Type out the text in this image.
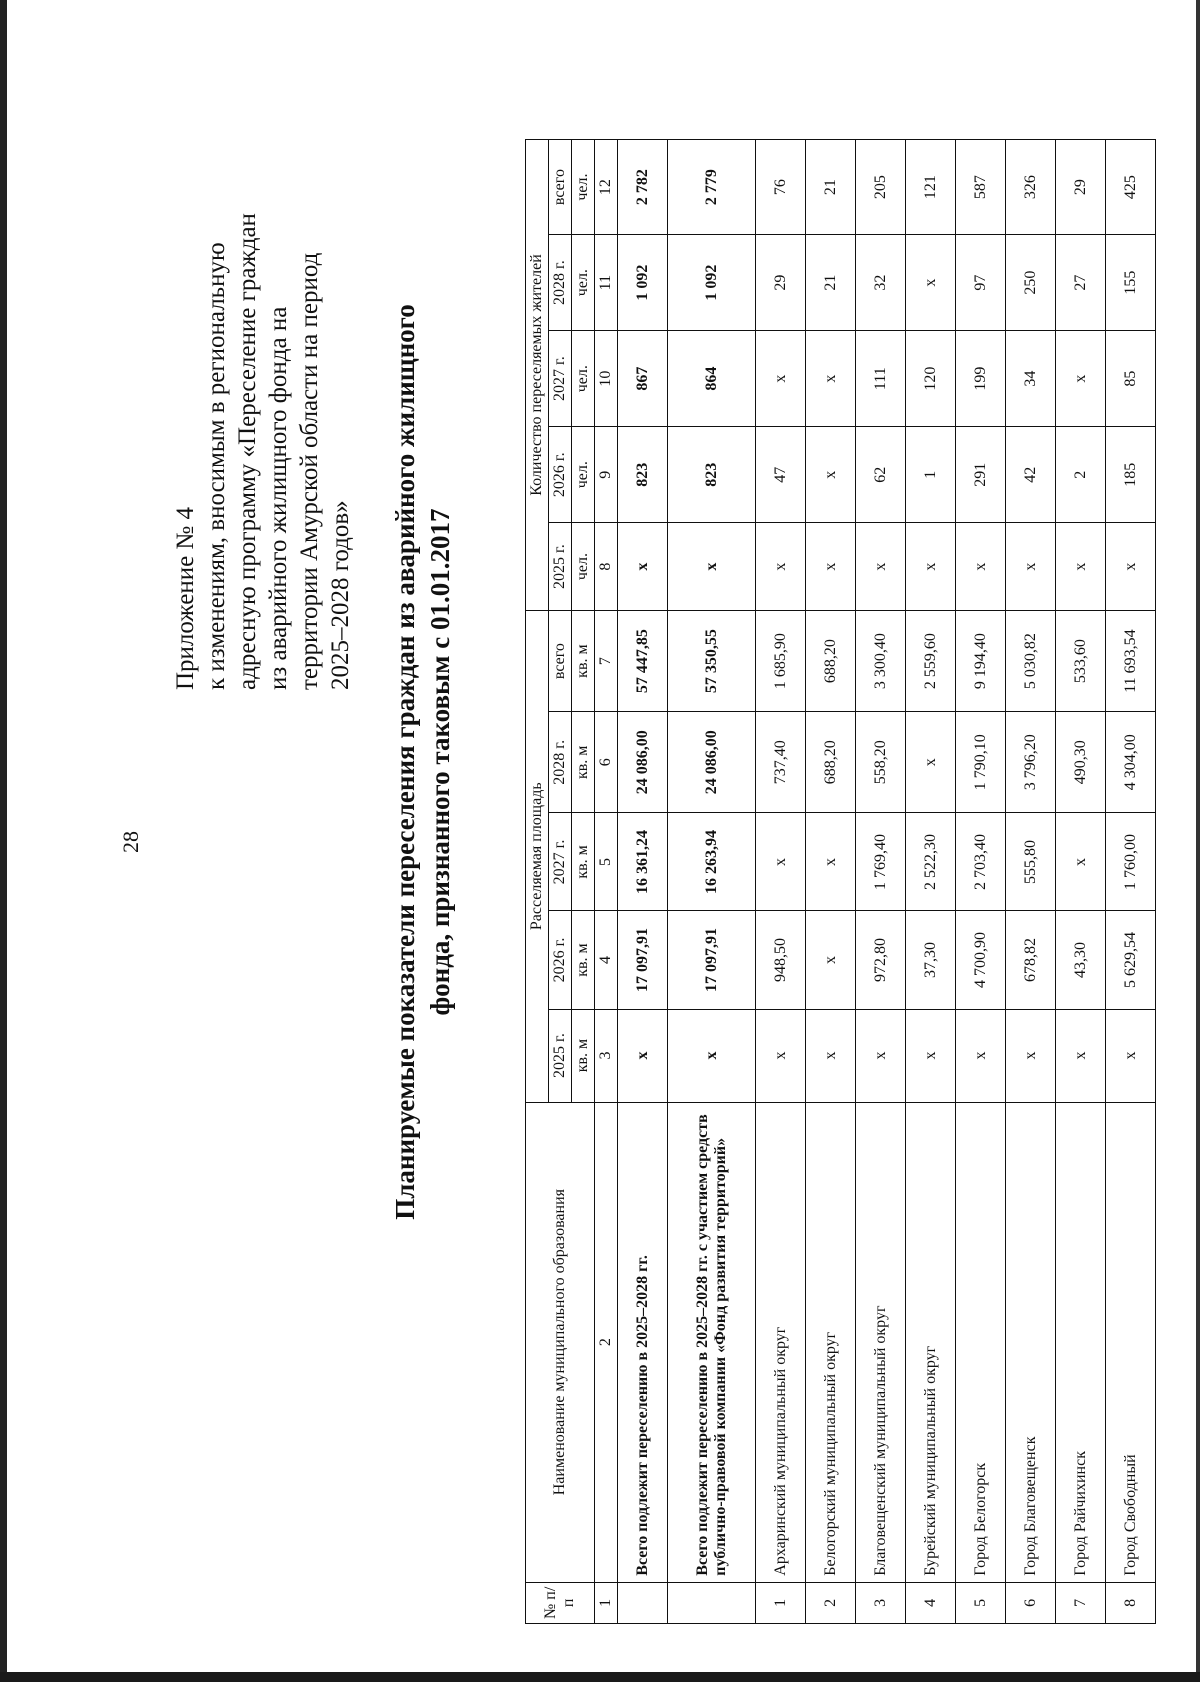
28
Приложение № 4 к изменениям, вносимым в региональную адресную программу «Переселение граждан из аварийного жилищного фонда на территории Амурской области на период 2025–2028 годов» Планируемые показатели переселения граждан из аварийного жилищного фонда, признанного таковым с 01.01.2017
№ п/п	Наименование муниципального образования	Расселяемая площадь					Количество переселяемых жителей				
		2025 г.	2026 г.	2027 г.	2028 г.	всего	2025 г.	2026 г.	2027 г.	2028 г.	всего
		кв. м	кв. м	кв. м	кв. м	кв. м	чел.	чел.	чел.	чел.	чел.
1	2	3	4	5	6	7	8	9	10	11	12
	Всего подлежит переселению в 2025–2028 гг.	x	17 097,91	16 361,24	24 086,00	57 447,85	x	823	867	1 092	2 782
	Всего подлежит переселению в 2025–2028 гг. с участием средств публично-правовой компании «Фонд развития территорий»	x	17 097,91	16 263,94	24 086,00	57 350,55	x	823	864	1 092	2 779
1	Архаринский муниципальный округ	x	948,50	x	737,40	1 685,90	x	47	x	29	76
2	Белогорский муниципальный округ	x	x	x	688,20	688,20	x	x	x	21	21
3	Благовещенский муниципальный округ	x	972,80	1 769,40	558,20	3 300,40	x	62	111	32	205
4	Бурейский муниципальный округ	x	37,30	2 522,30	x	2 559,60	x	1	120	x	121
5	Город Белогорск	x	4 700,90	2 703,40	1 790,10	9 194,40	x	291	199	97	587
6	Город Благовещенск	x	678,82	555,80	3 796,20	5 030,82	x	42	34	250	326
7	Город Райчихинск	x	43,30	x	490,30	533,60	x	2	x	27	29
8	Город Свободный	x	5 629,54	1 760,00	4 304,00	11 693,54	x	185	85	155	425
